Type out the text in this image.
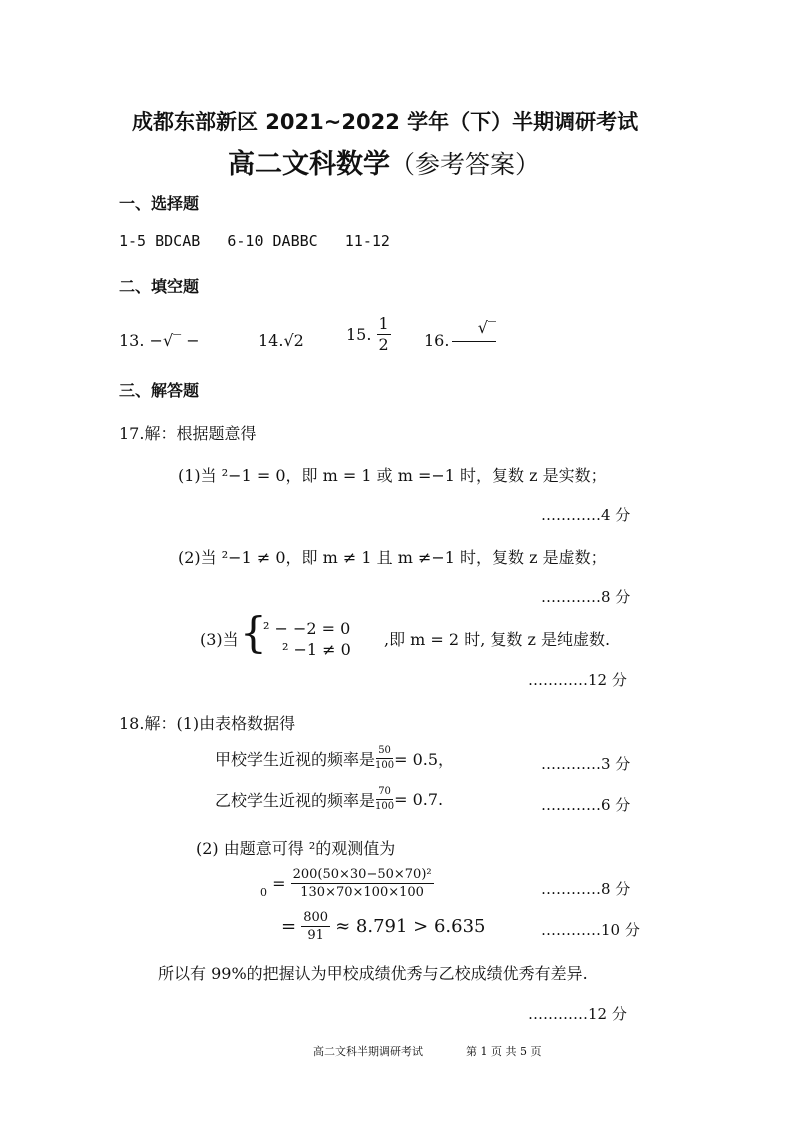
成都东部新区 2021~2022 学年（下）半期调研考试
高二文科数学（参考答案）
一、选择题
1-5 BDCAB   6-10 DABBC   11-12
二、填空题
13. −√‾ −	14.√2	15. $\frac{1}{2} 16$.
√‾
三、解答题
17.解：根据题意得
(1)当 ²−1 = 0，即 m = 1 或 m =−1 时，复数 z 是实数；
…………4 分
(2)当 ²−1 ≠ 0，即 m ≠ 1 且 m ≠−1 时，复数 z 是虚数；
…………8 分
(3)当 {
² − −2 = 0
² −1 ≠ 0
,即 m = 2 时, 复数 z 是纯虚数.
…………12 分
18.解：(1)由表格数据得
甲校学生近视的频率是 $\frac{50}{100} = 0.5$，	…………3 分
乙校学生近视的频率是 $\frac{70}{100} = 0.7$.	…………6 分
(2) 由题意可得 ²的观测值为
$_0 = \frac{\text{200(50×30−50×70)²}}{130\times 70\times 100\times 100}$	…………8 分
= $\frac{800}{91} \approx 8.791 > 6.635$	…………10 分
所以有 99%的把握认为甲校成绩优秀与乙校成绩优秀有差异.
…………12 分
高二文科半期调研考试	第 1 页 共 5 页
